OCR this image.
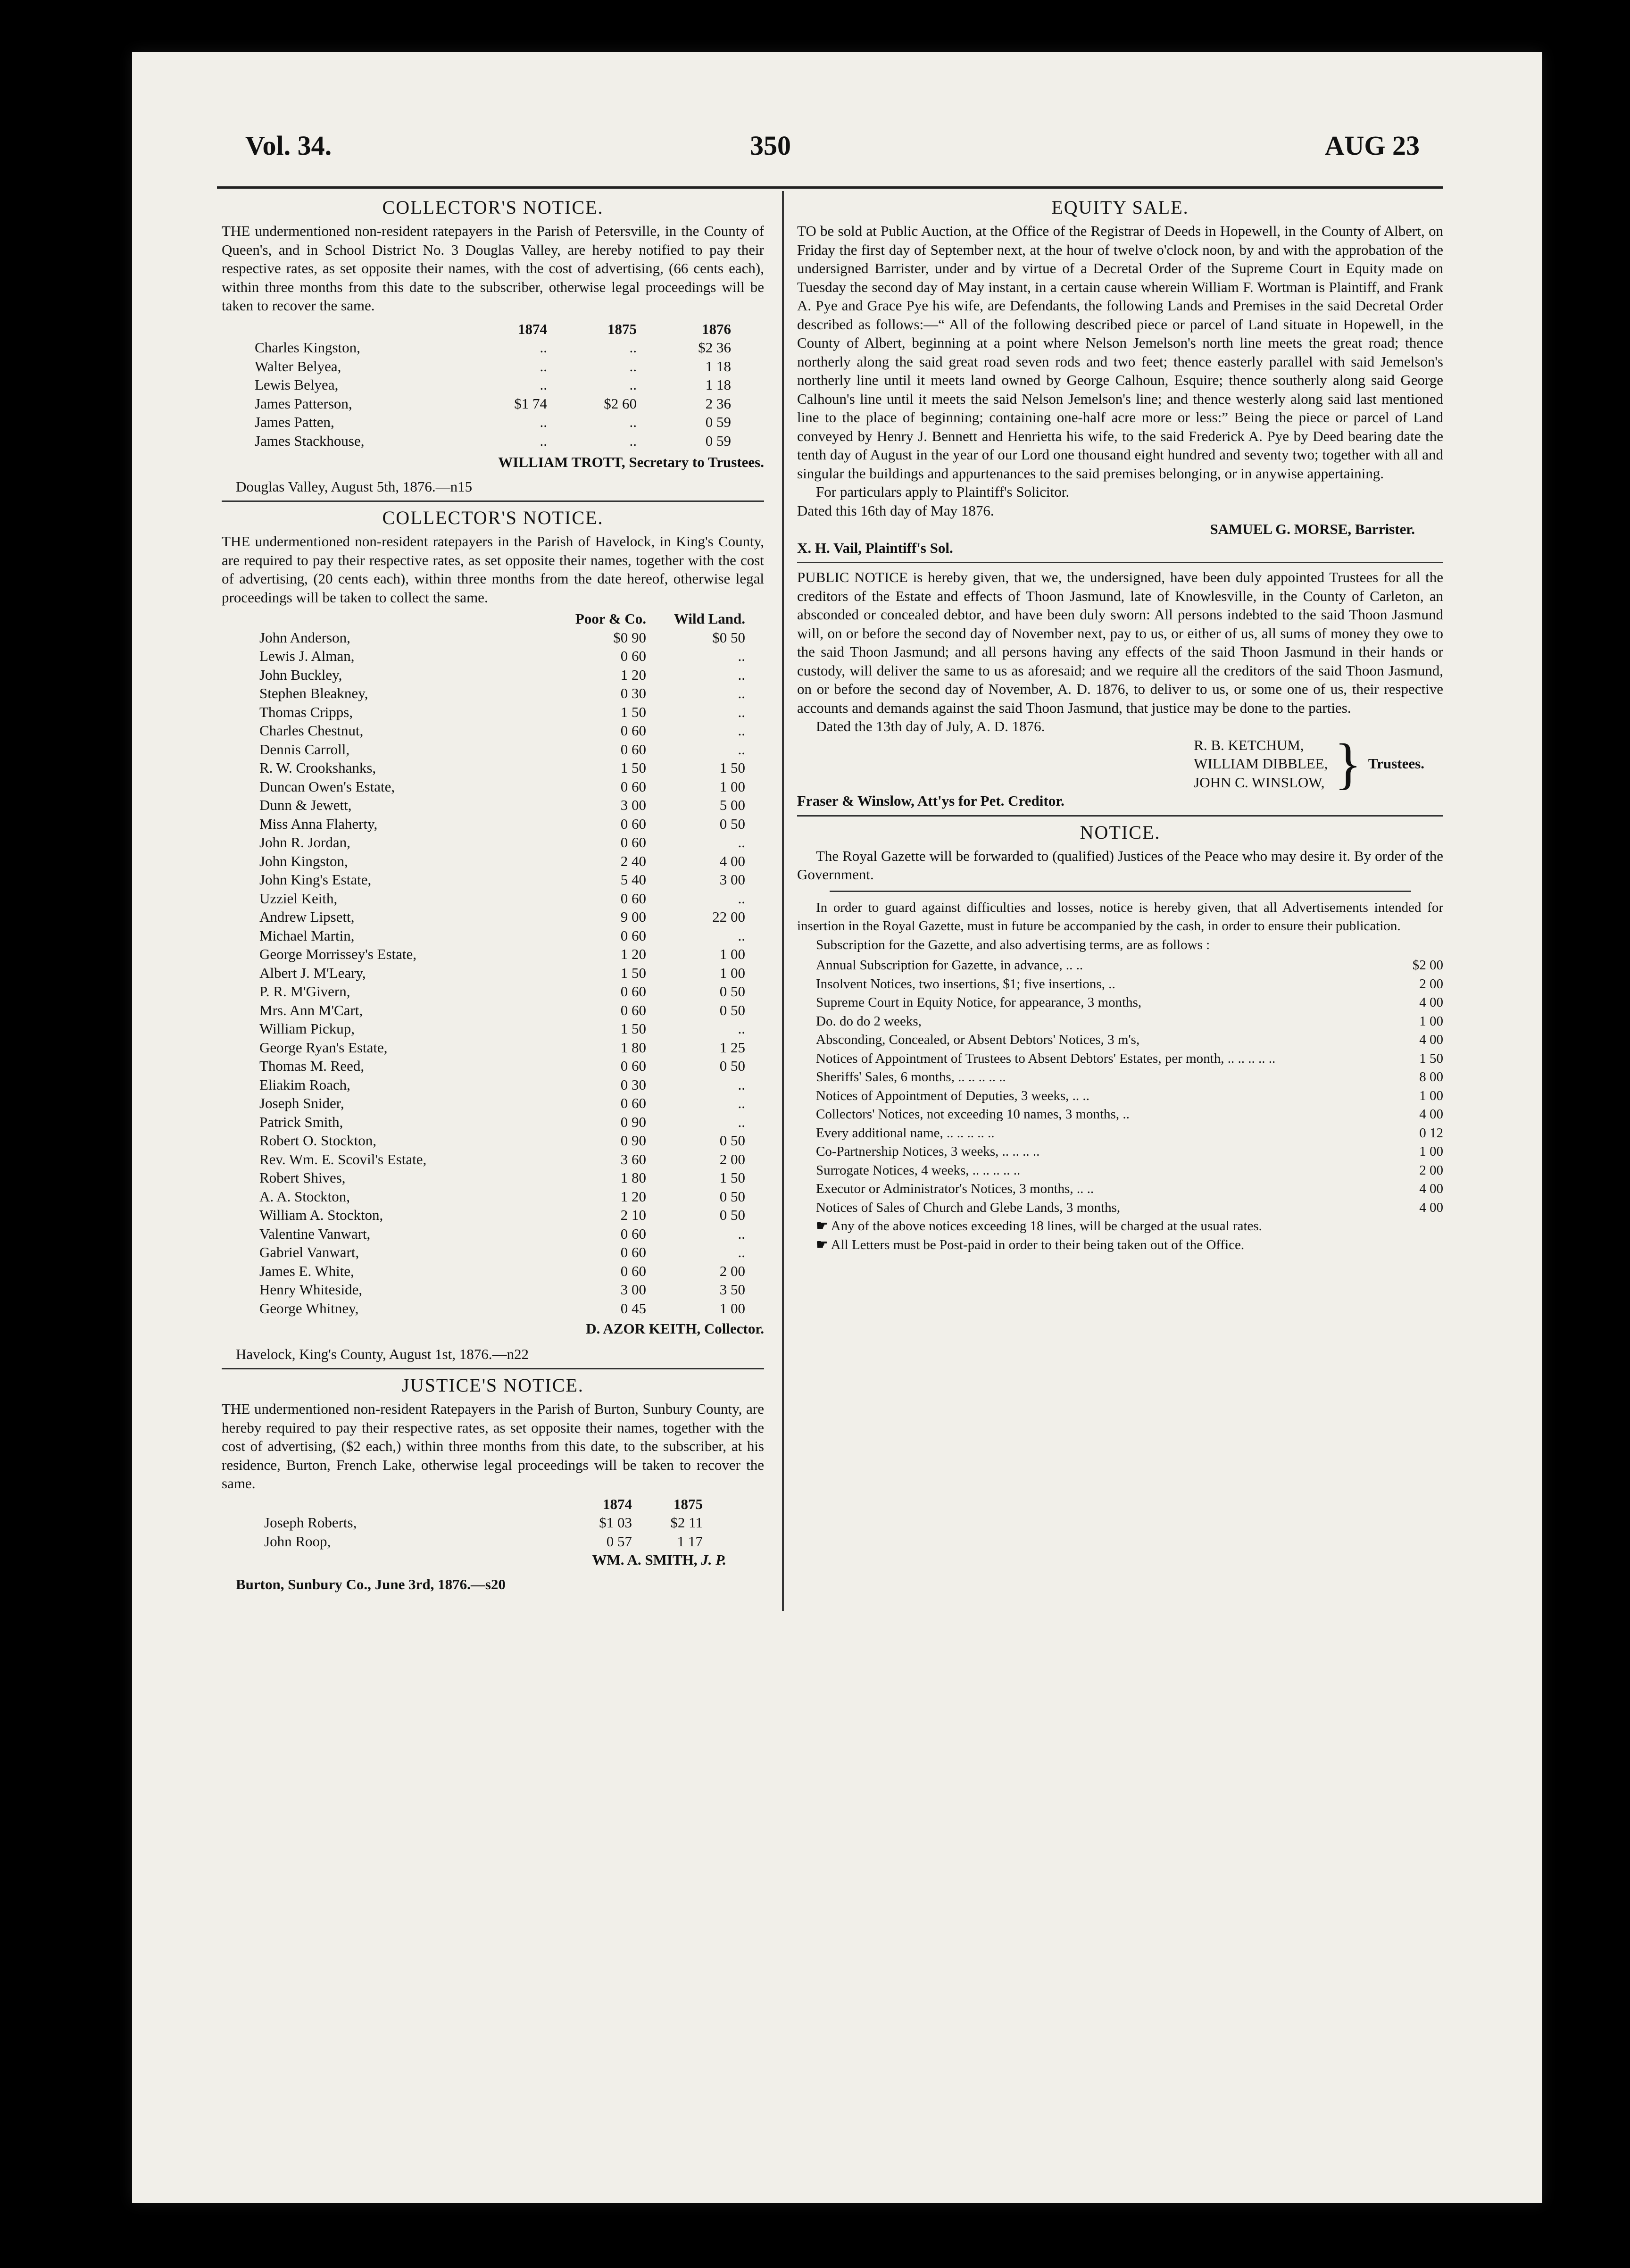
Vol. 34.	350	AUG 23
COLLECTOR'S NOTICE.

THE undermentioned non-resident ratepayers in the Parish of Petersville, in the County of Queen's, and in School District No. 3 Douglas Valley, are hereby notified to pay their respective rates, as set opposite their names, with the cost of advertising, (66 cents each), within three months from this date to the subscriber, otherwise legal proceedings will be taken to recover the same.

	1874	1875	1876
Charles Kingston,	..	..	$2 36
Walter Belyea,	..	..	1 18
Lewis Belyea,	..	..	1 18
James Patterson,	$1 74	$2 60	2 36
James Patten,	..	..	0 59
James Stackhouse,	..	..	0 59
WILLIAM TROTT, Secretary to Trustees.
Douglas Valley, August 5th, 1876.—n15
COLLECTOR'S NOTICE.

THE undermentioned non-resident ratepayers in the Parish of Havelock, in King's County, are required to pay their respective rates, as set opposite their names, together with the cost of advertising, (20 cents each), within three months from the date hereof, otherwise legal proceedings will be taken to collect the same.

	Poor & Co.	Wild Land.
John Anderson,	$0 90	$0 50
Lewis J. Alman,	0 60	..
John Buckley,	1 20	..
Stephen Bleakney,	0 30	..
Thomas Cripps,	1 50	..
Charles Chestnut,	0 60	..
Dennis Carroll,	0 60	..
R. W. Crookshanks,	1 50	1 50
Duncan Owen's Estate,	0 60	1 00
Dunn & Jewett,	3 00	5 00
Miss Anna Flaherty,	0 60	0 50
John R. Jordan,	0 60	..
John Kingston,	2 40	4 00
John King's Estate,	5 40	3 00
Uzziel Keith,	0 60	..
Andrew Lipsett,	9 00	22 00
Michael Martin,	0 60	..
George Morrissey's Estate,	1 20	1 00
Albert J. M'Leary,	1 50	1 00
P. R. M'Givern,	0 60	0 50
Mrs. Ann M'Cart,	0 60	0 50
William Pickup,	1 50	..
George Ryan's Estate,	1 80	1 25
Thomas M. Reed,	0 60	0 50
Eliakim Roach,	0 30	..
Joseph Snider,	0 60	..
Patrick Smith,	0 90	..
Robert O. Stockton,	0 90	0 50
Rev. Wm. E. Scovil's Estate,	3 60	2 00
Robert Shives,	1 80	1 50
A. A. Stockton,	1 20	0 50
William A. Stockton,	2 10	0 50
Valentine Vanwart,	0 60	..
Gabriel Vanwart,	0 60	..
James E. White,	0 60	2 00
Henry Whiteside,	3 00	3 50
George Whitney,	0 45	1 00
D. AZOR KEITH, Collector.
Havelock, King's County, August 1st, 1876.—n22
JUSTICE'S NOTICE.

THE undermentioned non-resident Ratepayers in the Parish of Burton, Sunbury County, are hereby required to pay their respective rates, as set opposite their names, together with the cost of advertising, ($2 each,) within three months from this date, to the subscriber, at his residence, Burton, French Lake, otherwise legal proceedings will be taken to recover the same.

	1874	1875
Joseph Roberts,	$1 03	$2 11
John Roop,	0 57	1 17
WM. A. SMITH, J. P.
Burton, Sunbury Co., June 3rd, 1876.—s20
EQUITY SALE.

TO be sold at Public Auction, at the Office of the Registrar of Deeds in Hopewell, in the County of Albert, on Friday the first day of September next, at the hour of twelve o'clock noon, by and with the approbation of the undersigned Barrister, under and by virtue of a Decretal Order of the Supreme Court in Equity made on Tuesday the second day of May instant, in a certain cause wherein William F. Wortman is Plaintiff, and Frank A. Pye and Grace Pye his wife, are Defendants, the following Lands and Premises in the said Decretal Order described as follows:—“ All of the following described piece or parcel of Land situate in Hopewell, in the County of Albert, beginning at a point where Nelson Jemelson's north line meets the great road; thence northerly along the said great road seven rods and two feet; thence easterly parallel with said Jemelson's northerly line until it meets land owned by George Calhoun, Esquire; thence southerly along said George Calhoun's line until it meets the said Nelson Jemelson's line; and thence westerly along said last mentioned line to the place of beginning; containing one-half acre more or less:” Being the piece or parcel of Land conveyed by Henry J. Bennett and Henrietta his wife, to the said Frederick A. Pye by Deed bearing date the tenth day of August in the year of our Lord one thousand eight hundred and seventy two; together with all and singular the buildings and appurtenances to the said premises belonging, or in anywise appertaining.

For particulars apply to Plaintiff's Solicitor.

Dated this 16th day of May 1876.

SAMUEL G. MORSE, Barrister.
X. H. Vail, Plaintiff's Sol.

PUBLIC NOTICE is hereby given, that we, the undersigned, have been duly appointed Trustees for all the creditors of the Estate and effects of Thoon Jasmund, late of Knowlesville, in the County of Carleton, an absconded or concealed debtor, and have been duly sworn: All persons indebted to the said Thoon Jasmund will, on or before the second day of November next, pay to us, or either of us, all sums of money they owe to the said Thoon Jasmund; and all persons having any effects of the said Thoon Jasmund in their hands or custody, will deliver the same to us as aforesaid; and we require all the creditors of the said Thoon Jasmund, on or before the second day of November, A. D. 1876, to deliver to us, or some one of us, their respective accounts and demands against the said Thoon Jasmund, that justice may be done to the parties.

Dated the 13th day of July, A. D. 1876.

R. B. KETCHUM,
WILLIAM DIBBLEE,
JOHN C. WINSLOW, } Trustees.
Fraser & Winslow, Att'ys for Pet. Creditor.
NOTICE.

The Royal Gazette will be forwarded to (qualified) Justices of the Peace who may desire it. By order of the Government.

In order to guard against difficulties and losses, notice is hereby given, that all Advertisements intended for insertion in the Royal Gazette, must in future be accompanied by the cash, in order to ensure their publication.

Subscription for the Gazette, and also advertising terms, are as follows :

Annual Subscription for Gazette, in advance, .. ..	$2 00
Insolvent Notices, two insertions, $1; five insertions, ..	2 00
Supreme Court in Equity Notice, for appearance, 3 months,	4 00
Do. do do 2 weeks,	1 00
Absconding, Concealed, or Absent Debtors' Notices, 3 m's,	4 00
Notices of Appointment of Trustees to Absent Debtors' Estates, per month, .. .. .. .. ..	1 50
Sheriffs' Sales, 6 months, .. .. .. .. ..	8 00
Notices of Appointment of Deputies, 3 weeks, .. ..	1 00
Collectors' Notices, not exceeding 10 names, 3 months, ..	4 00
Every additional name, .. .. .. .. ..	0 12
Co-Partnership Notices, 3 weeks, .. .. .. ..	1 00
Surrogate Notices, 4 weeks, .. .. .. .. ..	2 00
Executor or Administrator's Notices, 3 months, .. ..	4 00
Notices of Sales of Church and Glebe Lands, 3 months,	4 00

☛ Any of the above notices exceeding 18 lines, will be charged at the usual rates.

☛ All Letters must be Post-paid in order to their being taken out of the Office.
